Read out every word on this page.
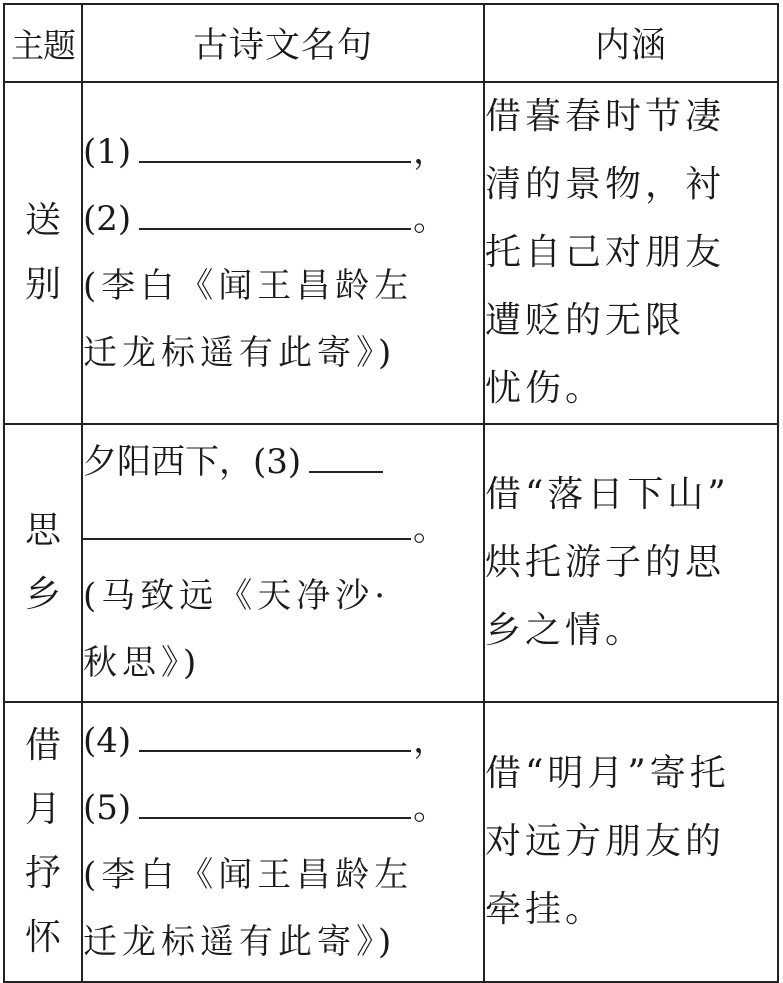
主题	古诗文名句	内涵

送
别	(1) ，
(2) 。
(李白《闻王昌龄左
迁龙标遥有此寄》)	借暮春时节凄
清的景物，衬
托自己对朋友
遭贬的无限
忧伤。

思
乡	夕阳西下，(3)
。
(马致远《天净沙·
秋思》)	借“落日下山”
烘托游子的思
乡之情。

借
月
抒
怀	(4) ，
(5) 。
(李白《闻王昌龄左
迁龙标遥有此寄》)	借“明月”寄托
对远方朋友的
牵挂。
